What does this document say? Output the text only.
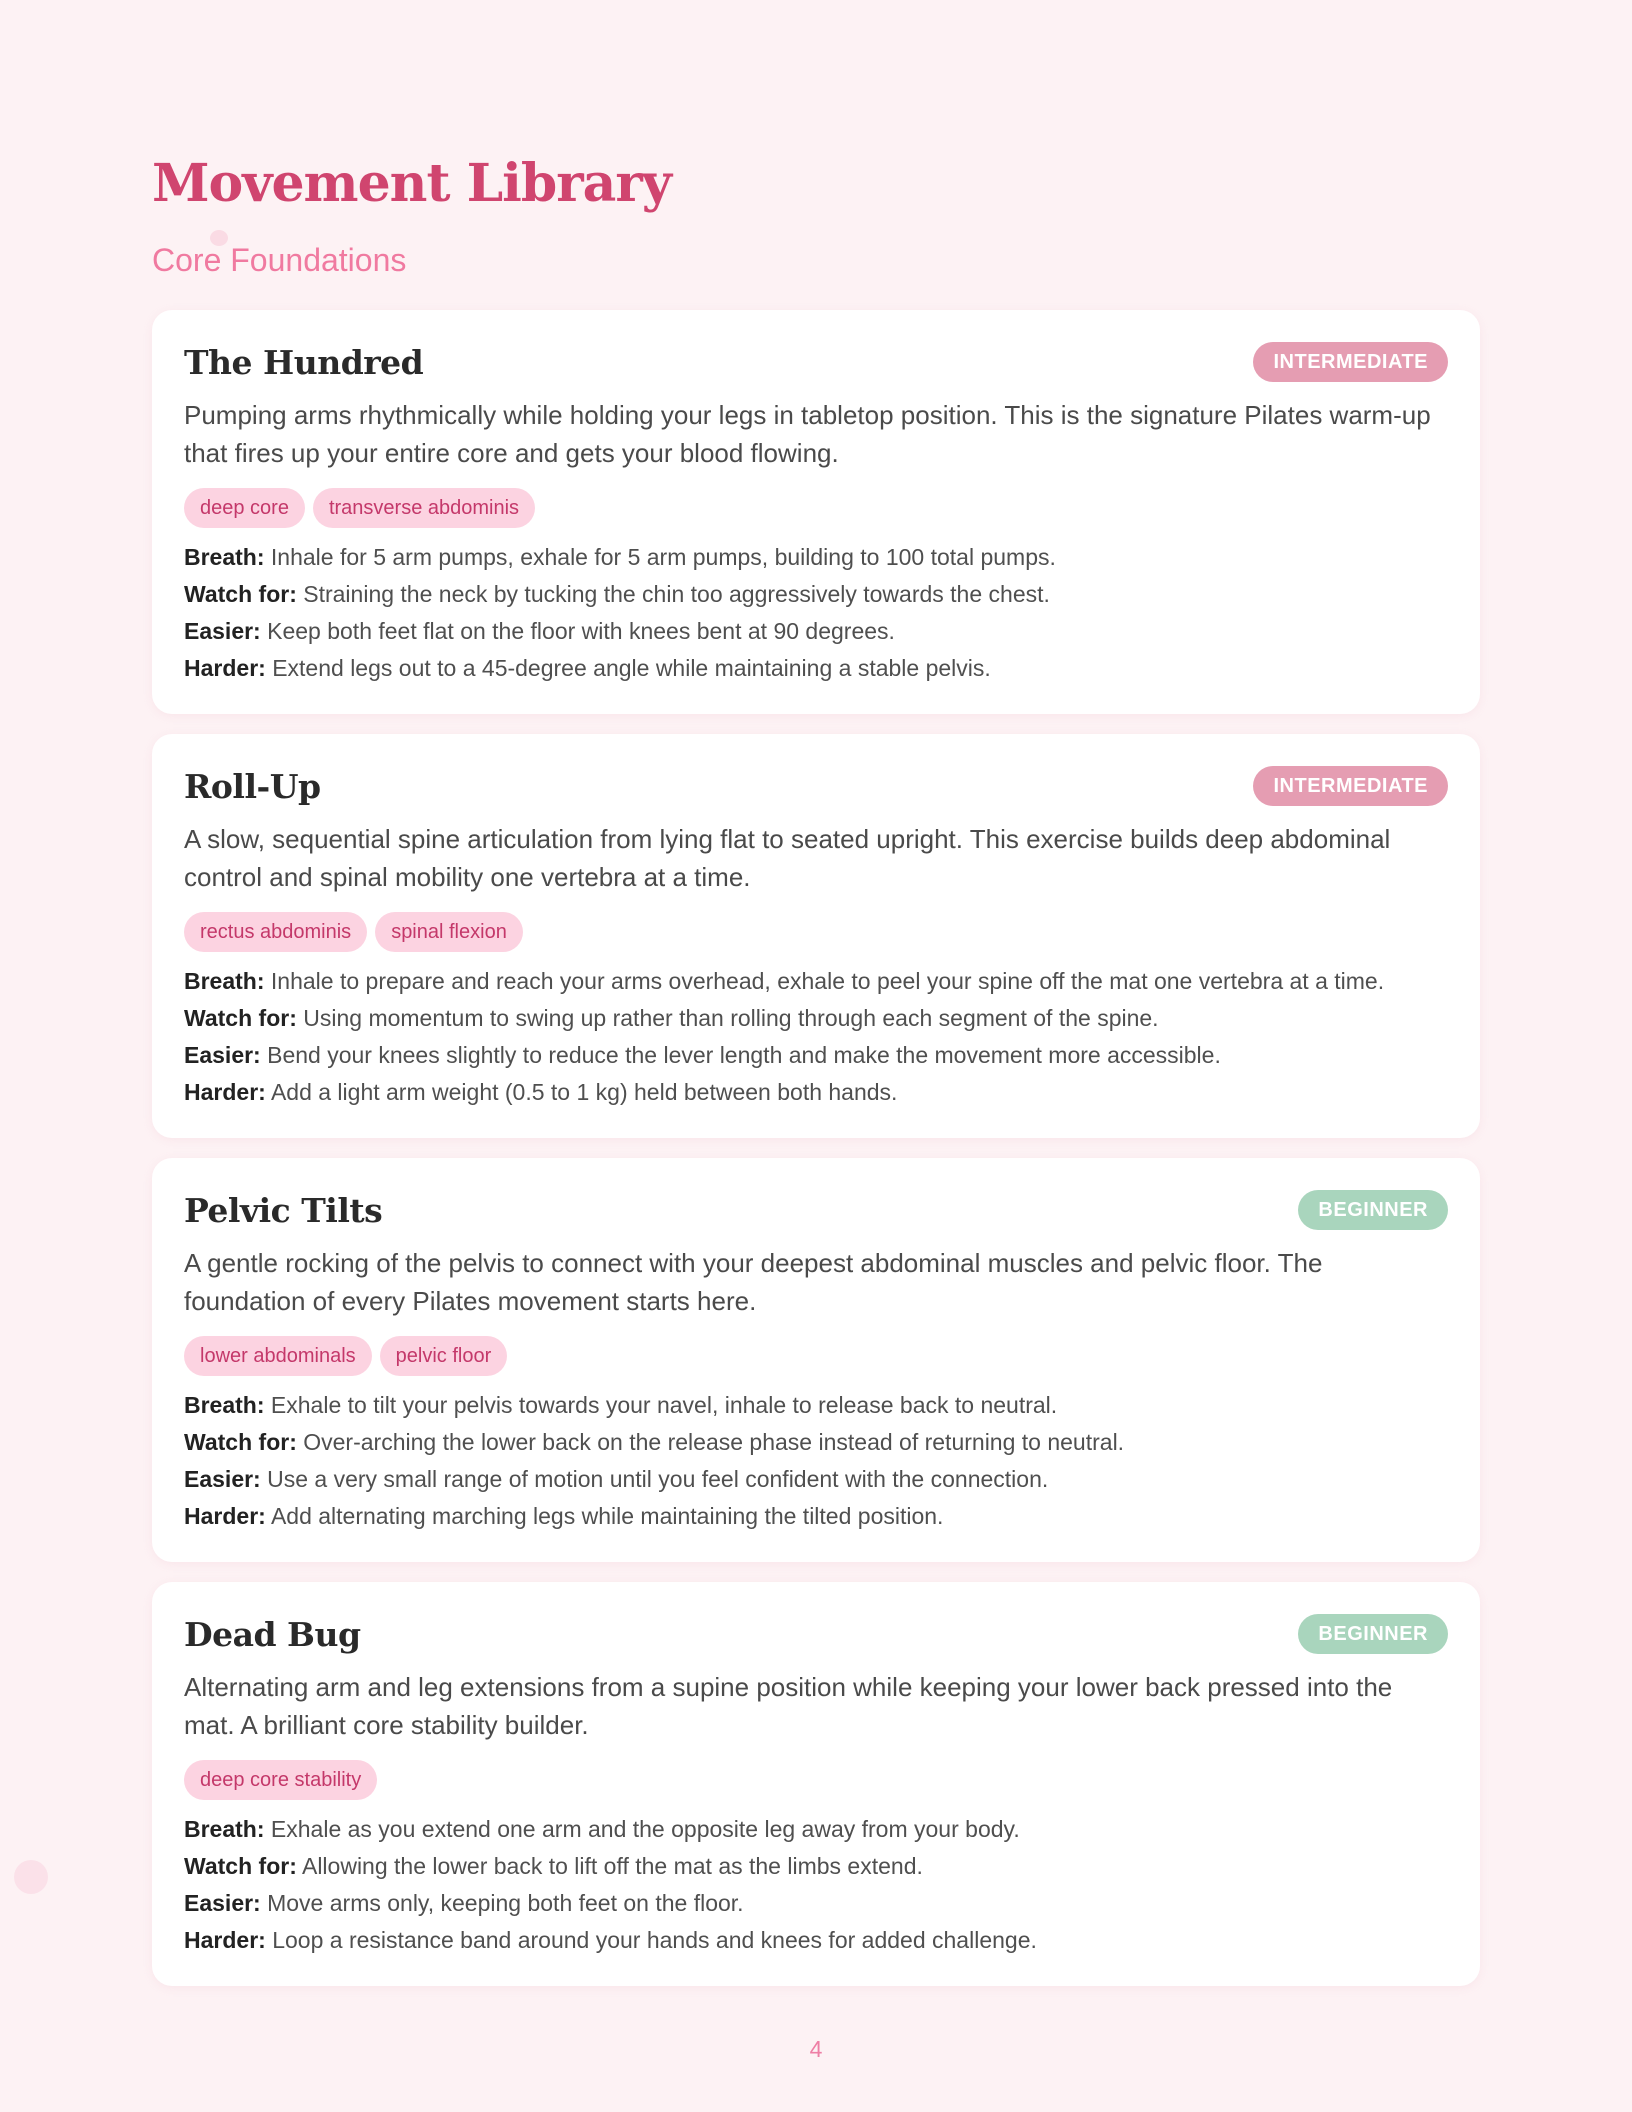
Movement Library
Core Foundations
The Hundred	INTERMEDIATE

Pumping arms rhythmically while holding your legs in tabletop position. This is the signature Pilates warm-up that fires up your entire core and gets your blood flowing.

deep core	transverse abdominis
Breath: Inhale for 5 arm pumps, exhale for 5 arm pumps, building to 100 total pumps.
Watch for: Straining the neck by tucking the chin too aggressively towards the chest.
Easier: Keep both feet flat on the floor with knees bent at 90 degrees.
Harder: Extend legs out to a 45-degree angle while maintaining a stable pelvis.
Roll-Up	INTERMEDIATE

A slow, sequential spine articulation from lying flat to seated upright. This exercise builds deep abdominal control and spinal mobility one vertebra at a time.

rectus abdominis	spinal flexion
Breath: Inhale to prepare and reach your arms overhead, exhale to peel your spine off the mat one vertebra at a time.
Watch for: Using momentum to swing up rather than rolling through each segment of the spine.
Easier: Bend your knees slightly to reduce the lever length and make the movement more accessible.
Harder: Add a light arm weight (0.5 to 1 kg) held between both hands.
Pelvic Tilts	BEGINNER

A gentle rocking of the pelvis to connect with your deepest abdominal muscles and pelvic floor. The foundation of every Pilates movement starts here.

lower abdominals	pelvic floor
Breath: Exhale to tilt your pelvis towards your navel, inhale to release back to neutral.
Watch for: Over-arching the lower back on the release phase instead of returning to neutral.
Easier: Use a very small range of motion until you feel confident with the connection.
Harder: Add alternating marching legs while maintaining the tilted position.
Dead Bug	BEGINNER

Alternating arm and leg extensions from a supine position while keeping your lower back pressed into the mat. A brilliant core stability builder.

deep core stability
Breath: Exhale as you extend one arm and the opposite leg away from your body.
Watch for: Allowing the lower back to lift off the mat as the limbs extend.
Easier: Move arms only, keeping both feet on the floor.
Harder: Loop a resistance band around your hands and knees for added challenge.
4
